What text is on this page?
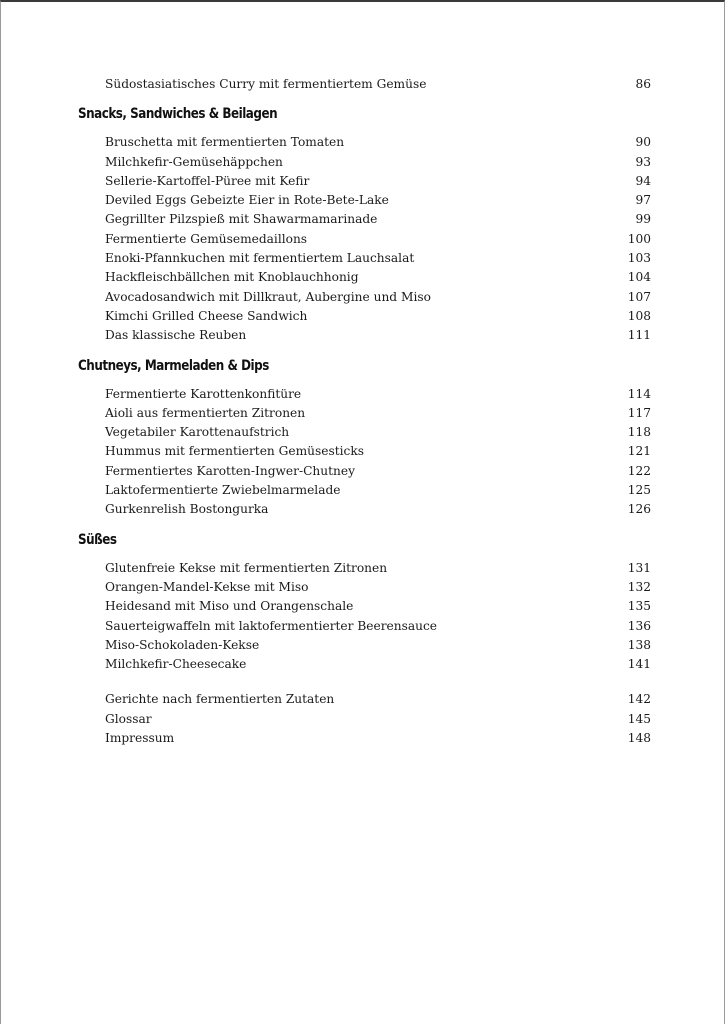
Südostasiatisches Curry mit fermentiertem Gemüse	86
Snacks, Sandwiches & Beilagen
Bruschetta mit fermentierten Tomaten	90
Milchkefir-Gemüsehäppchen	93
Sellerie-Kartoffel-Püree mit Kefir	94
Deviled Eggs Gebeizte Eier in Rote-Bete-Lake	97
Gegrillter Pilzspieß mit Shawarmamarinade	99
Fermentierte Gemüsemedaillons	100
Enoki-Pfannkuchen mit fermentiertem Lauchsalat	103
Hackfleischbällchen mit Knoblauchhonig	104
Avocadosandwich mit Dillkraut, Aubergine und Miso	107
Kimchi Grilled Cheese Sandwich	108
Das klassische Reuben	111
Chutneys, Marmeladen & Dips
Fermentierte Karottenkonfitüre	114
Aioli aus fermentierten Zitronen	117
Vegetabiler Karottenaufstrich	118
Hummus mit fermentierten Gemüsesticks	121
Fermentiertes Karotten-Ingwer-Chutney	122
Laktofermentierte Zwiebelmarmelade	125
Gurkenrelish Bostongurka	126
Süßes
Glutenfreie Kekse mit fermentierten Zitronen	131
Orangen-Mandel-Kekse mit Miso	132
Heidesand mit Miso und Orangenschale	135
Sauerteigwaffeln mit laktofermentierter Beerensauce	136
Miso-Schokoladen-Kekse	138
Milchkefir-Cheesecake	141
Gerichte nach fermentierten Zutaten	142
Glossar	145
Impressum	148
